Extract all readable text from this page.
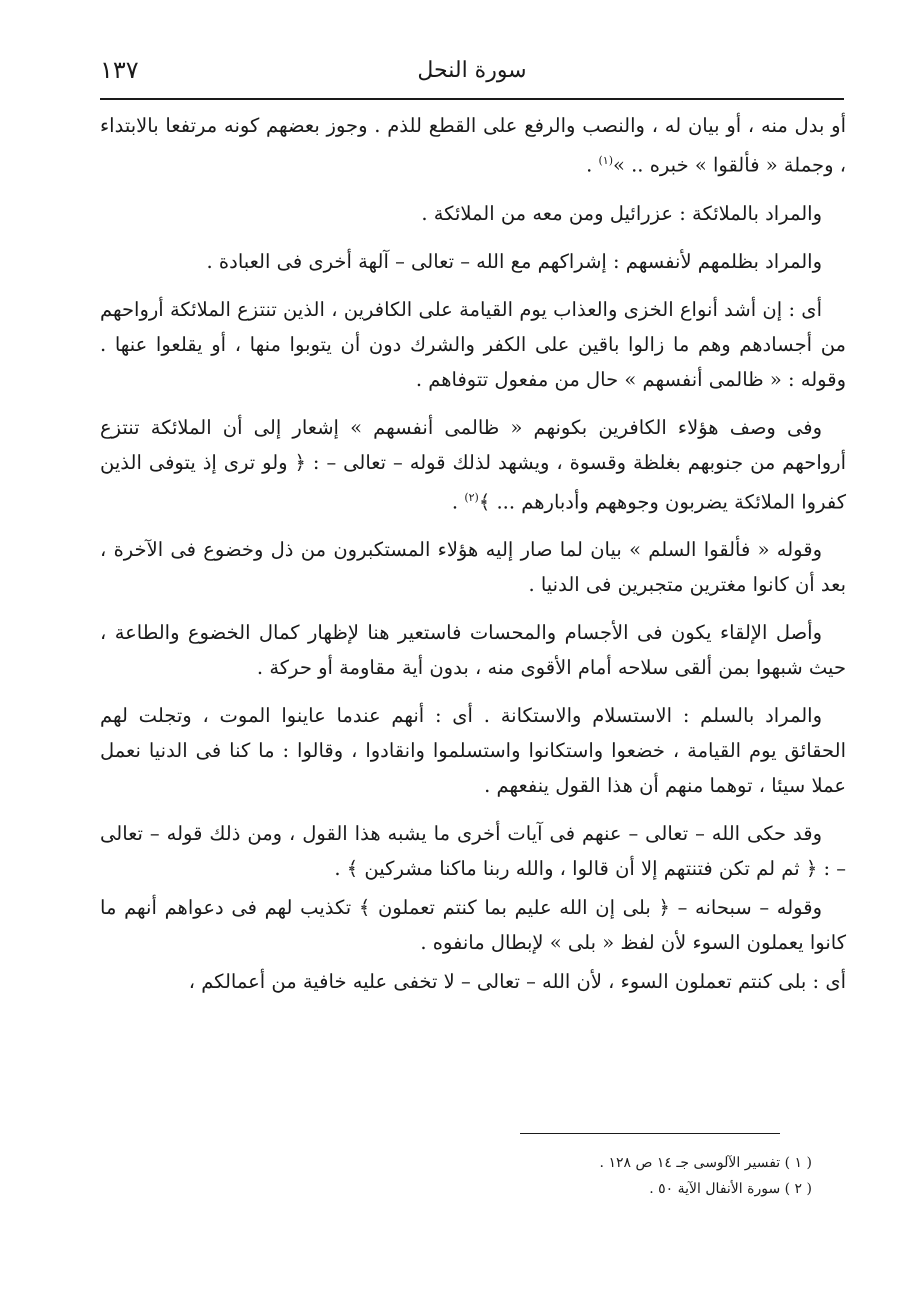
سورة النحل
١٣٧

أو بدل منه ، أو بيان له ، والنصب والرفع على القطع للذم . وجوز بعضهم كونه مرتفعا بالابتداء ، وجملة « فألقوا » خبره .. »$^{(١)}$ .

والمراد بالملائكة : عزرائيل ومن معه من الملائكة .

والمراد بظلمهم لأنفسهم : إشراكهم مع الله – تعالى – آلهة أخرى فى العبادة .

أى : إن أشد أنواع الخزى والعذاب يوم القيامة على الكافرين ، الذين تنتزع الملائكة أرواحهم من أجسادهم وهم ما زالوا باقين على الكفر والشرك دون أن يتوبوا منها ، أو يقلعوا عنها . وقوله : « ظالمى أنفسهم » حال من مفعول تتوفاهم .

وفى وصف هؤلاء الكافرين بكونهم « ظالمى أنفسهم » إشعار إلى أن الملائكة تنتزع أرواحهم من جنوبهم بغلظة وقسوة ، ويشهد لذلك قوله – تعالى – : ﴿ ولو ترى إذ يتوفى الذين كفروا الملائكة يضربون وجوههم وأدبارهم ... ﴾$^{(٢)}$ .

وقوله « فألقوا السلم » بيان لما صار إليه هؤلاء المستكبرون من ذل وخضوع فى الآخرة ، بعد أن كانوا مغترين متجبرين فى الدنيا .

وأصل الإلقاء يكون فى الأجسام والمحسات فاستعير هنا لإظهار كمال الخضوع والطاعة ، حيث شبهوا بمن ألقى سلاحه أمام الأقوى منه ، بدون أية مقاومة أو حركة .

والمراد بالسلم : الاستسلام والاستكانة . أى : أنهم عندما عاينوا الموت ، وتجلت لهم الحقائق يوم القيامة ، خضعوا واستكانوا واستسلموا وانقادوا ، وقالوا : ما كنا فى الدنيا نعمل عملا سيئا ، توهما منهم أن هذا القول ينفعهم .

وقد حكى الله – تعالى – عنهم فى آيات أخرى ما يشبه هذا القول ، ومن ذلك قوله – تعالى – : ﴿ ثم لم تكن فتنتهم إلا أن قالوا ، والله ربنا ماكنا مشركين ﴾ .

وقوله – سبحانه – ﴿ بلى إن الله عليم بما كنتم تعملون ﴾ تكذيب لهم فى دعواهم أنهم ما كانوا يعملون السوء لأن لفظ « بلى » لإبطال مانفوه .

أى : بلى كنتم تعملون السوء ، لأن الله – تعالى – لا تخفى عليه خافية من أعمالكم ،

( ١ ) تفسير الآلوسى جـ ١٤ ص ١٢٨ .
( ٢ ) سورة الأنفال الآية ٥٠ .
